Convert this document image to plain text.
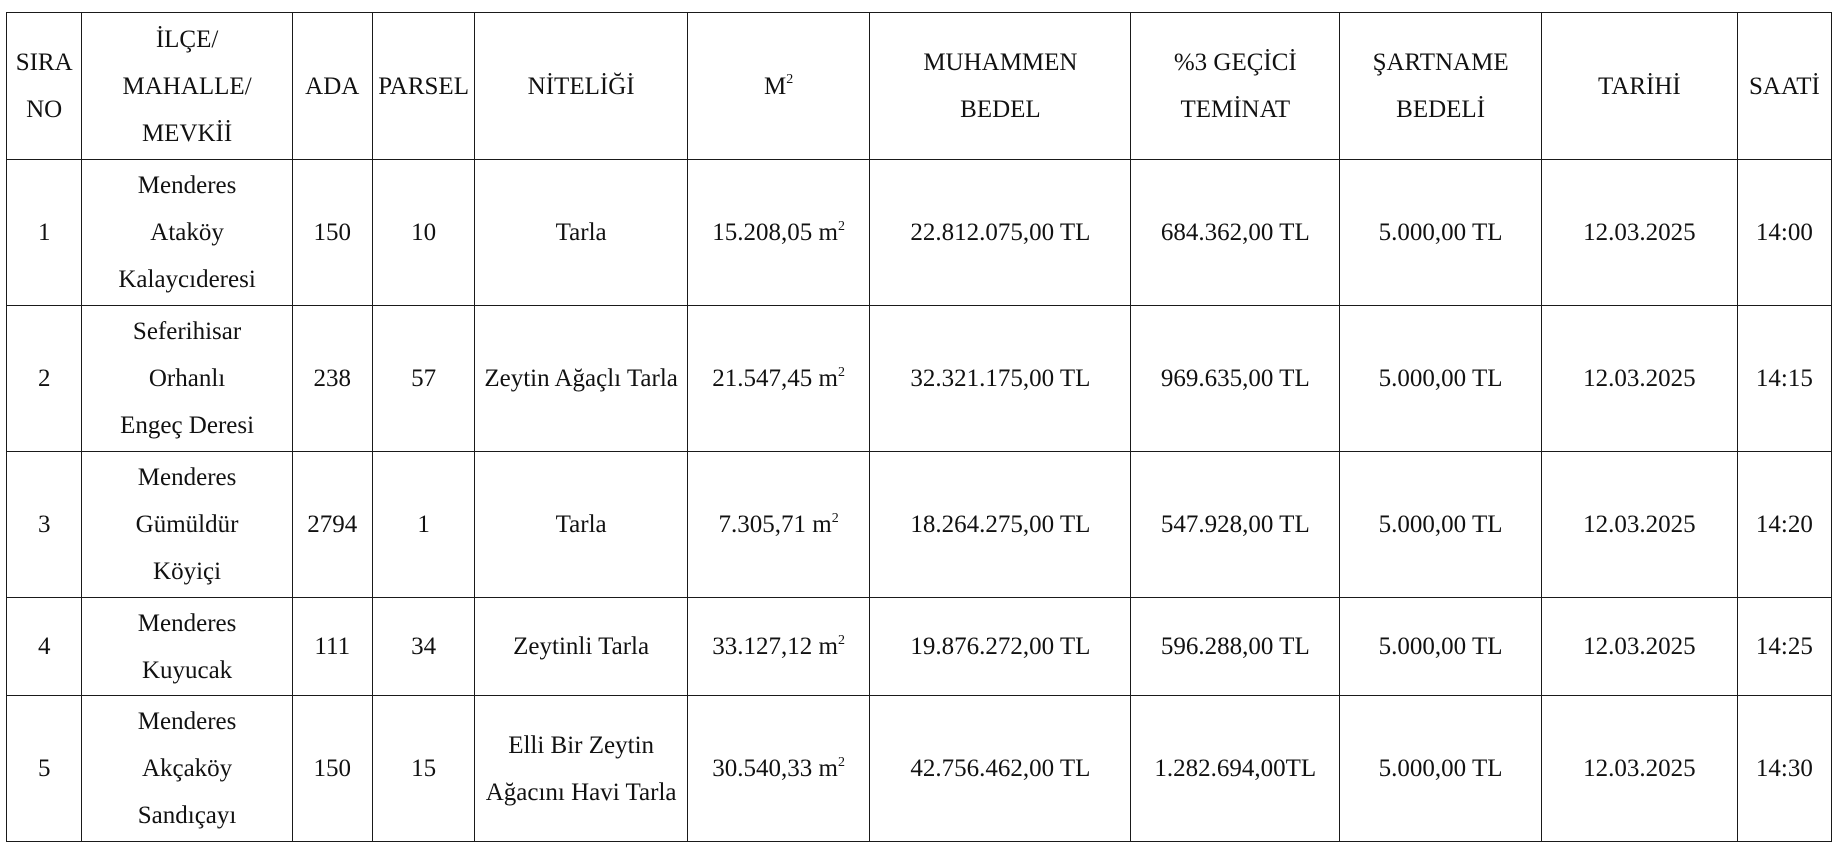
SIRA
NO	İLÇE/
MAHALLE/
MEVKİİ	ADA	PARSEL	NİTELİĞİ	$M^2$	MUHAMMEN
BEDEL	%3 GEÇİCİ
TEMİNAT	ŞARTNAME
BEDELİ	TARİHİ	SAATİ
1	Menderes
Ataköy
Kalaycıderesi	150	10	Tarla	15.208,05 $m^2$	22.812.075,00 TL	684.362,00 TL	5.000,00 TL	12.03.2025	14:00
2	Seferihisar
Orhanlı
Engeç Deresi	238	57	Zeytin Ağaçlı Tarla	21.547,45 $m^2$	32.321.175,00 TL	969.635,00 TL	5.000,00 TL	12.03.2025	14:15
3	Menderes
Gümüldür
Köyiçi	2794	1	Tarla	7.305,71 $m^2$	18.264.275,00 TL	547.928,00 TL	5.000,00 TL	12.03.2025	14:20
4	Menderes
Kuyucak	111	34	Zeytinli Tarla	33.127,12 $m^2$	19.876.272,00 TL	596.288,00 TL	5.000,00 TL	12.03.2025	14:25
5	Menderes
Akçaköy
Sandıçayı	150	15	Elli Bir Zeytin
Ağacını Havi Tarla	30.540,33 $m^2$	42.756.462,00 TL	1.282.694,00TL	5.000,00 TL	12.03.2025	14:30
